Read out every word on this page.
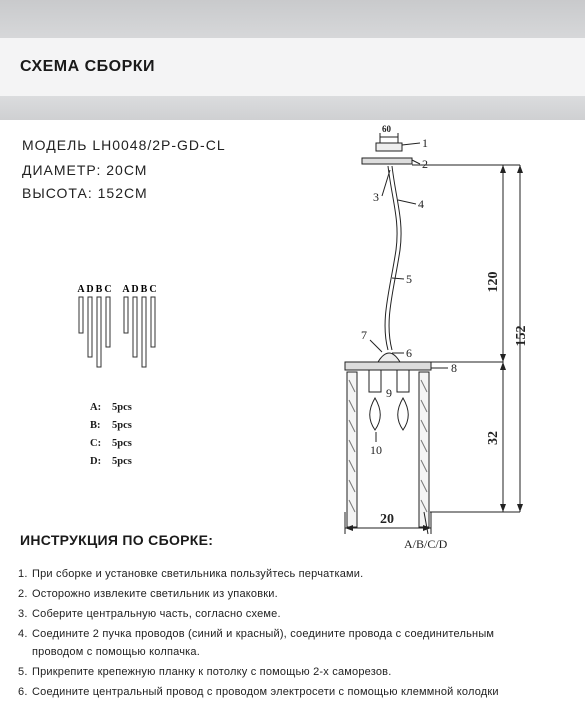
СХЕМА СБОРКИ
МОДЕЛЬ LH0048/2P-GD-CL
ДИАМЕТР: 20СМ
ВЫСОТА: 152СМ
A D B C A D B C
A: 5pcs
B: 5pcs
C: 5pcs
D: 5pcs
60
1
2
3	4
5
6
7
8
9
10
120
152
32
20
A/B/C/D
ИНСТРУКЦИЯ ПО СБОРКЕ:
1. При сборке и установке светильника пользуйтесь перчатками.
2. Осторожно извлеките светильник из упаковки.
3. Соберите центральную часть, согласно схеме.
4. Соедините 2 пучка проводов (синий и красный), соедините провода с соединительным
проводом с помощью колпачка.
5. Прикрепите крепежную планку к потолку с помощью 2-х саморезов.
6. Соедините центральный провод с проводом электросети с помощью клеммной колодки
